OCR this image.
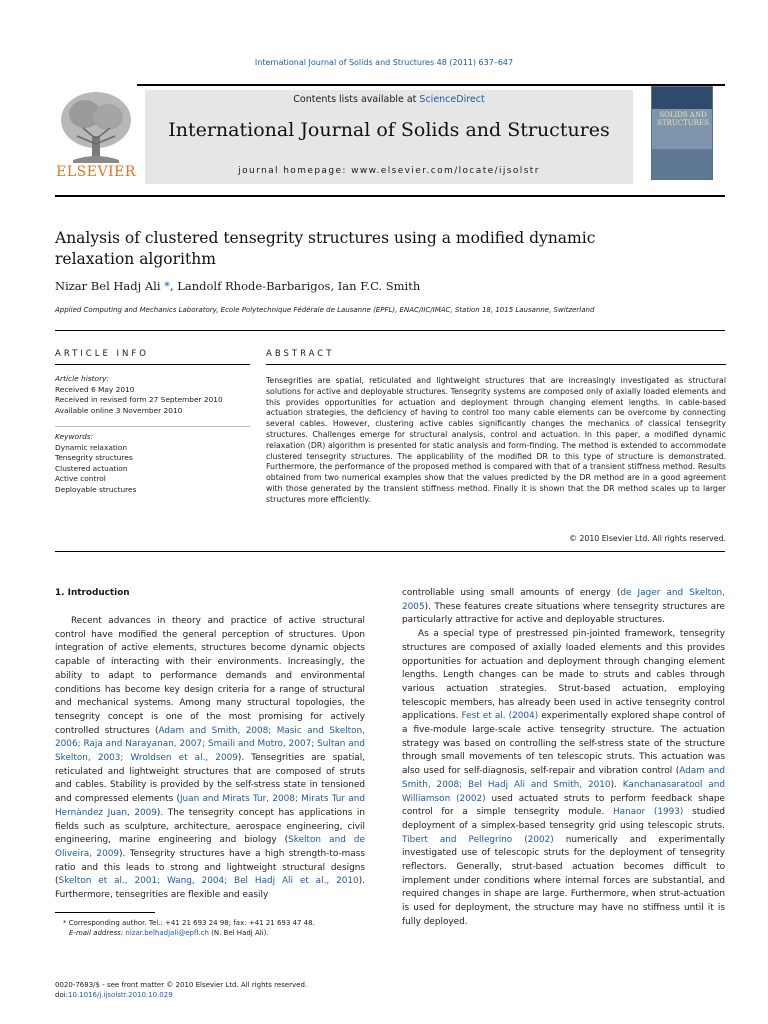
International Journal of Solids and Structures 48 (2011) 637–647
ELSEVIER
Contents lists available at ScienceDirect
International Journal of Solids and Structures
journal homepage: www.elsevier.com/locate/ijsolstr
SOLIDS AND STRUCTURES
Analysis of clustered tensegrity structures using a modified dynamic
relaxation algorithm
Nizar Bel Hadj Ali *, Landolf Rhode-Barbarigos, Ian F.C. Smith
Applied Computing and Mechanics Laboratory, Ecole Polytechnique Fédérale de Lausanne (EPFL), ENAC/IIC/IMAC, Station 18, 1015 Lausanne, Switzerland
ARTICLE INFO
Article history:
Received 6 May 2010
Received in revised form 27 September 2010
Available online 3 November 2010
Keywords:
Dynamic relaxation
Tensegrity structures
Clustered actuation
Active control
Deployable structures
ABSTRACT
Tensegrities are spatial, reticulated and lightweight structures that are increasingly investigated as structural solutions for active and deployable structures. Tensegrity systems are composed only of axially loaded elements and this provides opportunities for actuation and deployment through changing element lengths. In cable-based actuation strategies, the deficiency of having to control too many cable elements can be overcome by connecting several cables. However, clustering active cables significantly changes the mechanics of classical tensegrity structures. Challenges emerge for structural analysis, control and actuation. In this paper, a modified dynamic relaxation (DR) algorithm is presented for static analysis and form-finding. The method is extended to accommodate clustered tensegrity structures. The applicability of the modified DR to this type of structure is demonstrated. Furthermore, the performance of the proposed method is compared with that of a transient stiffness method. Results obtained from two numerical examples show that the values predicted by the DR method are in a good agreement with those generated by the transient stiffness method. Finally it is shown that the DR method scales up to larger structures more efficiently.
© 2010 Elsevier Ltd. All rights reserved.
1. Introduction
Recent advances in theory and practice of active structural control have modified the general perception of structures. Upon integration of active elements, structures become dynamic objects capable of interacting with their environments. Increasingly, the ability to adapt to performance demands and environmental conditions has become key design criteria for a range of structural and mechanical systems. Among many structural topologies, the tensegrity concept is one of the most promising for actively controlled structures (Adam and Smith, 2008; Masic and Skelton, 2006; Raja and Narayanan, 2007; Smaili and Motro, 2007; Sultan and Skelton, 2003; Wroldsen et al., 2009). Tensegrities are spatial, reticulated and lightweight structures that are composed of struts and cables. Stability is provided by the self-stress state in tensioned and compressed elements (Juan and Mirats Tur, 2008; Mirats Tur and Hernàndez Juan, 2009). The tensegrity concept has applications in fields such as sculpture, architecture, aerospace engineering, civil engineering, marine engineering and biology (Skelton and de Oliveira, 2009). Tensegrity structures have a high strength-to-mass ratio and this leads to strong and lightweight structural designs (Skelton et al., 2001; Wang, 2004; Bel Hadj Ali et al., 2010). Furthermore, tensegrities are flexible and easily
* Corresponding author. Tel.: +41 21 693 24 98; fax: +41 21 693 47 48.
E-mail address: nizar.belhadjali@epfl.ch (N. Bel Hadj Ali).
controllable using small amounts of energy (de Jager and Skelton, 2005). These features create situations where tensegrity structures are particularly attractive for active and deployable structures.
As a special type of prestressed pin-jointed framework, tensegrity structures are composed of axially loaded elements and this provides opportunities for actuation and deployment through changing element lengths. Length changes can be made to struts and cables through various actuation strategies. Strut-based actuation, employing telescopic members, has already been used in active tensegrity control applications. Fest et al. (2004) experimentally explored shape control of a five-module large-scale active tensegrity structure. The actuation strategy was based on controlling the self-stress state of the structure through small movements of ten telescopic struts. This actuation was also used for self-diagnosis, self-repair and vibration control (Adam and Smith, 2008; Bel Hadj Ali and Smith, 2010). Kanchanasaratool and Williamson (2002) used actuated struts to perform feedback shape control for a simple tensegrity module. Hanaor (1993) studied deployment of a simplex-based tensegrity grid using telescopic struts. Tibert and Pellegrino (2002) numerically and experimentally investigated use of telescopic struts for the deployment of tensegrity reflectors. Generally, strut-based actuation becomes difficult to implement under conditions where internal forces are substantial, and required changes in shape are large. Furthermore, when strut-actuation is used for deployment, the structure may have no stiffness until it is fully deployed.
0020-7683/$ - see front matter © 2010 Elsevier Ltd. All rights reserved.
doi:10.1016/j.ijsolstr.2010.10.029
